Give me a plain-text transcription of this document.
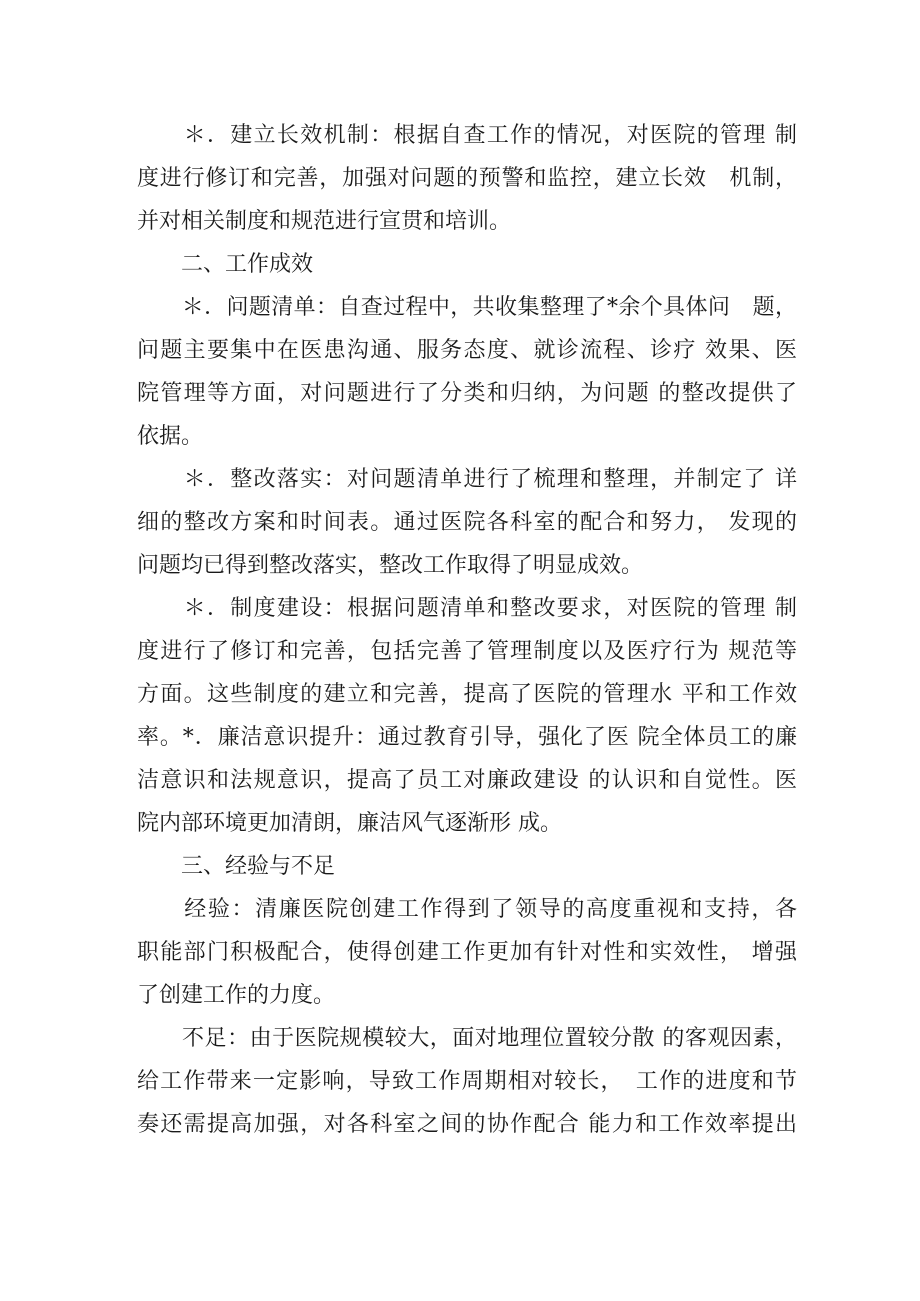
　　＊．建立长效机制：根据自查工作的情况，对医院的管理 制
度进行修订和完善，加强对问题的预警和监控，建立长效　机制，
并对相关制度和规范进行宣贯和培训。
　　二、工作成效
　　＊．问题清单：自查过程中，共收集整理了*余个具体问　题，
问题主要集中在医患沟通、服务态度、就诊流程、诊疗 效果、医
院管理等方面，对问题进行了分类和归纳，为问题 的整改提供了
依据。
　　＊．整改落实：对问题清单进行了梳理和整理，并制定了 详
细的整改方案和时间表。通过医院各科室的配合和努力， 发现的
问题均已得到整改落实，整改工作取得了明显成效。
　　＊．制度建设：根据问题清单和整改要求，对医院的管理 制
度进行了修订和完善，包括完善了管理制度以及医疗行为 规范等
方面。这些制度的建立和完善，提高了医院的管理水 平和工作效
率。*．廉洁意识提升：通过教育引导，强化了医 院全体员工的廉
洁意识和法规意识，提高了员工对廉政建设 的认识和自觉性。医
院内部环境更加清朗，廉洁风气逐渐形 成。
　　三、经验与不足
　　经验：清廉医院创建工作得到了领导的高度重视和支持，各
职能部门积极配合，使得创建工作更加有针对性和实效性， 增强
了创建工作的力度。
　　不足：由于医院规模较大，面对地理位置较分散 的客观因素，
给工作带来一定影响，导致工作周期相对较长，　工作的进度和节
奏还需提高加强，对各科室之间的协作配合 能力和工作效率提出
